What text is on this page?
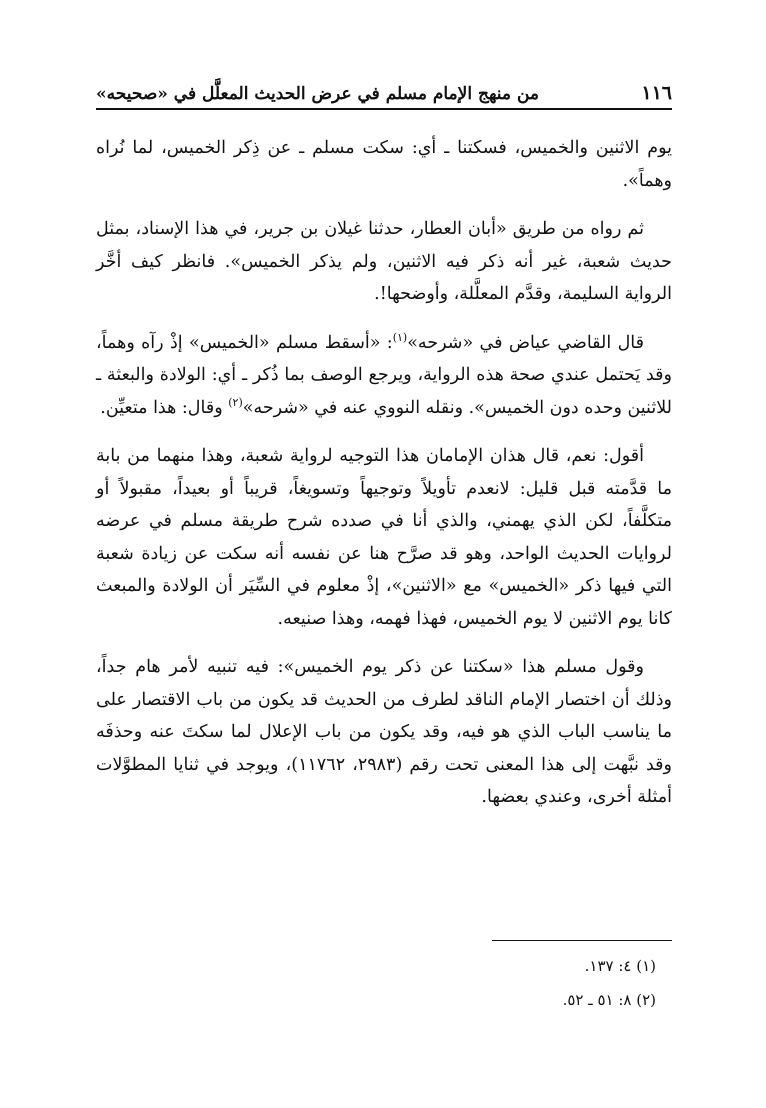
١١٦
من منهج الإمام مسلم في عرض الحديث المعلَّل في «صحيحه»

يوم الاثنين والخميس، فسكتنا ـ أي: سكت مسلم ـ عن ذِكر الخميس، لما نُراه وهماً».

ثم رواه من طريق «أبان العطار، حدثنا غيلان بن جرير، في هذا الإسناد، بمثل حديث شعبة، غير أنه ذكر فيه الاثنين، ولم يذكر الخميس». فانظر كيف أخَّر الرواية السليمة، وقدَّم المعلَّلة، وأوضحها!.

قال القاضي عياض في «شرحه»$^{(١)}$: «أسقط مسلم «الخميس» إذْ رآه وهماً، وقد يَحتمل عندي صحة هذه الرواية، ويرجع الوصف بما ذُكر ـ أي: الولادة والبعثة ـ للاثنين وحده دون الخميس». ونقله النووي عنه في «شرحه»$^{(٢)}$ وقال: هذا متعيِّن.

أقول: نعم، قال هذان الإمامان هذا التوجيه لرواية شعبة، وهذا منهما من بابة ما قدَّمته قبل قليل: لانعدم تأويلاً وتوجيهاً وتسويغاً، قريباً أو بعيداً، مقبولاً أو متكلَّفاً، لكن الذي يهمني، والذي أنا في صدده شرح طريقة مسلم في عرضه لروايات الحديث الواحد، وهو قد صرَّح هنا عن نفسه أنه سكت عن زيادة شعبة التي فيها ذكر «الخميس» مع «الاثنين»، إذْ معلوم في السِّيَر أن الولادة والمبعث كانا يوم الاثنين لا يوم الخميس، فهذا فهمه، وهذا صنيعه.

وقول مسلم هذا «سكتنا عن ذكر يوم الخميس»: فيه تنبيه لأمر هام جداً، وذلك أن اختصار الإمام الناقد لطرف من الحديث قد يكون من باب الاقتصار على ما يناسب الباب الذي هو فيه، وقد يكون من باب الإعلال لما سكتَ عنه وحذفَه وقد نبَّهت إلى هذا المعنى تحت رقم (٢٩٨٣، ١١٧٦٢)، ويوجد في ثنايا المطوَّلات أمثلة أخرى، وعندي بعضها.

(١) ٤: ١٣٧.

(٢) ٨: ٥١ ـ ٥٢.
